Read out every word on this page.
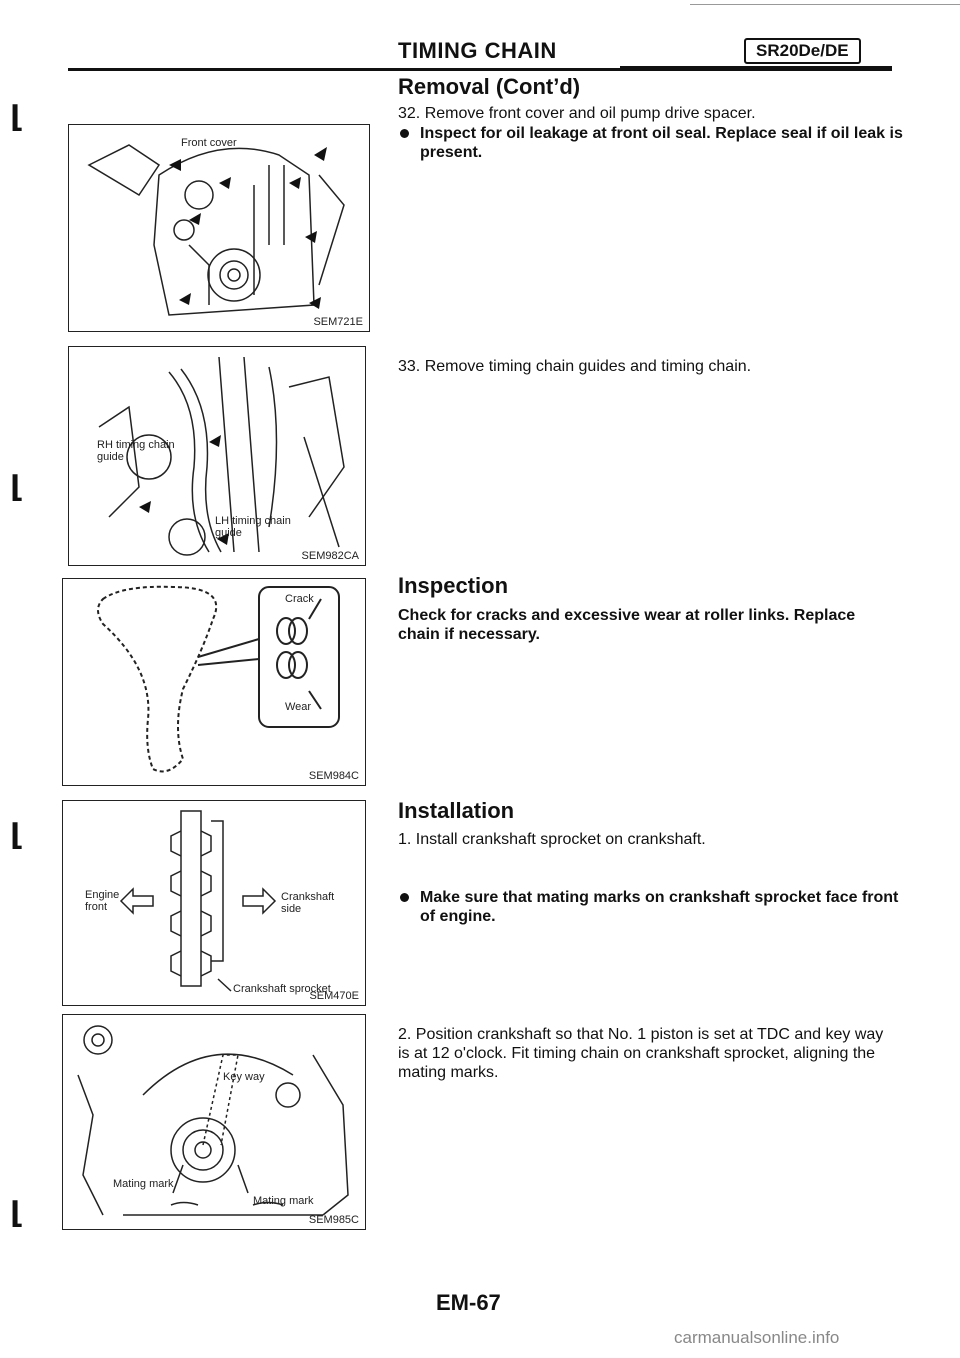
TIMING CHAIN	SR20De/DE
Removal (Cont’d)
32. Remove front cover and oil pump drive spacer.
Inspect for oil leakage at front oil seal. Replace seal if oil leak is present.
33. Remove timing chain guides and timing chain.
Inspection
Check for cracks and excessive wear at roller links. Replace chain if necessary.
Installation
1. Install crankshaft sprocket on crankshaft.
Make sure that mating marks on crankshaft sprocket face front of engine.
2. Position crankshaft so that No. 1 piston is set at TDC and key way is at 12 o'clock. Fit timing chain on crankshaft sprocket, aligning the mating marks.
⌊
⌊
⌊
⌊
Front cover
SEM721E
RH timing chain guide
LH timing chain guide
SEM982CA
Crack
Wear
SEM984C
Engine front
Crankshaft side
Crankshaft sprocket
SEM470E
Key way
Mating mark
Mating mark
SEM985C
EM-67
carmanualsonline.info
